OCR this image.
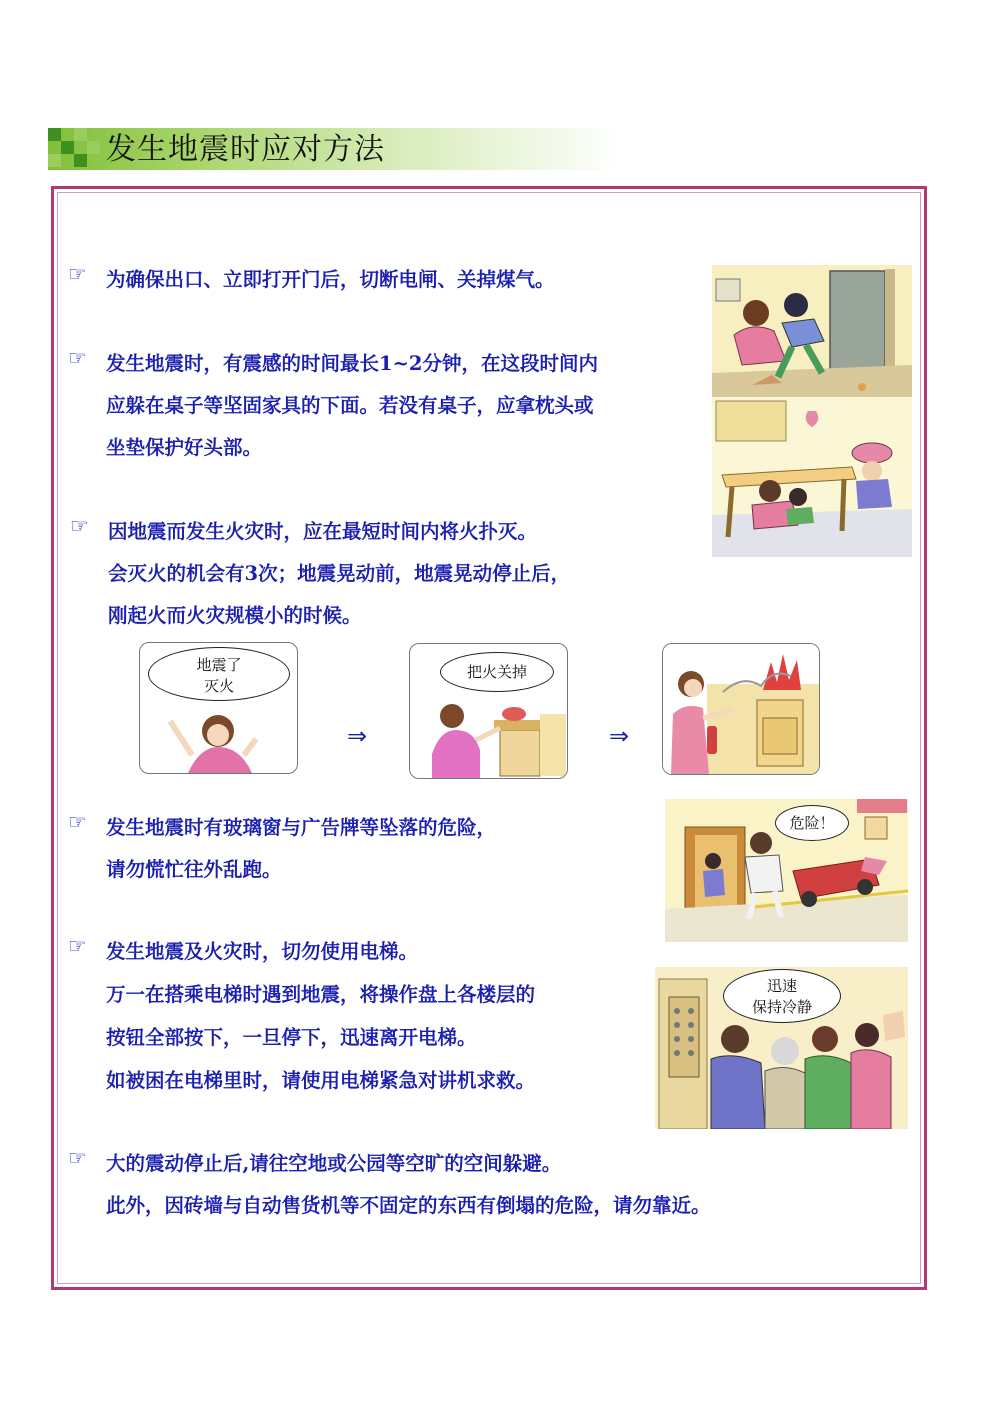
发生地震时应对方法
☞ 为确保出口、立即打开门后，切断电闸、关掉煤气。
☞ 发生地震时，有震感的时间最长1~2分钟，在这段时间内
应躲在桌子等坚固家具的下面。若没有桌子，应拿枕头或
坐垫保护好头部。
☞ 因地震而发生火灾时，应在最短时间内将火扑灭。
会灭火的机会有3次；地震晃动前，地震晃动停止后，
刚起火而火灾规模小的时候。
☞ 发生地震时有玻璃窗与广告牌等坠落的危险，
请勿慌忙往外乱跑。
☞ 发生地震及火灾时，切勿使用电梯。
万一在搭乘电梯时遇到地震，将操作盘上各楼层的
按钮全部按下，一旦停下，迅速离开电梯。
如被困在电梯里时，请使用电梯紧急对讲机求救。
☞ 大的震动停止后,请往空地或公园等空旷的空间躲避。
此外，因砖墙与自动售货机等不固定的东西有倒塌的危险，请勿靠近。
地震了
灭火
⇒
把火关掉
⇒
危险！
迅速
保持冷静
